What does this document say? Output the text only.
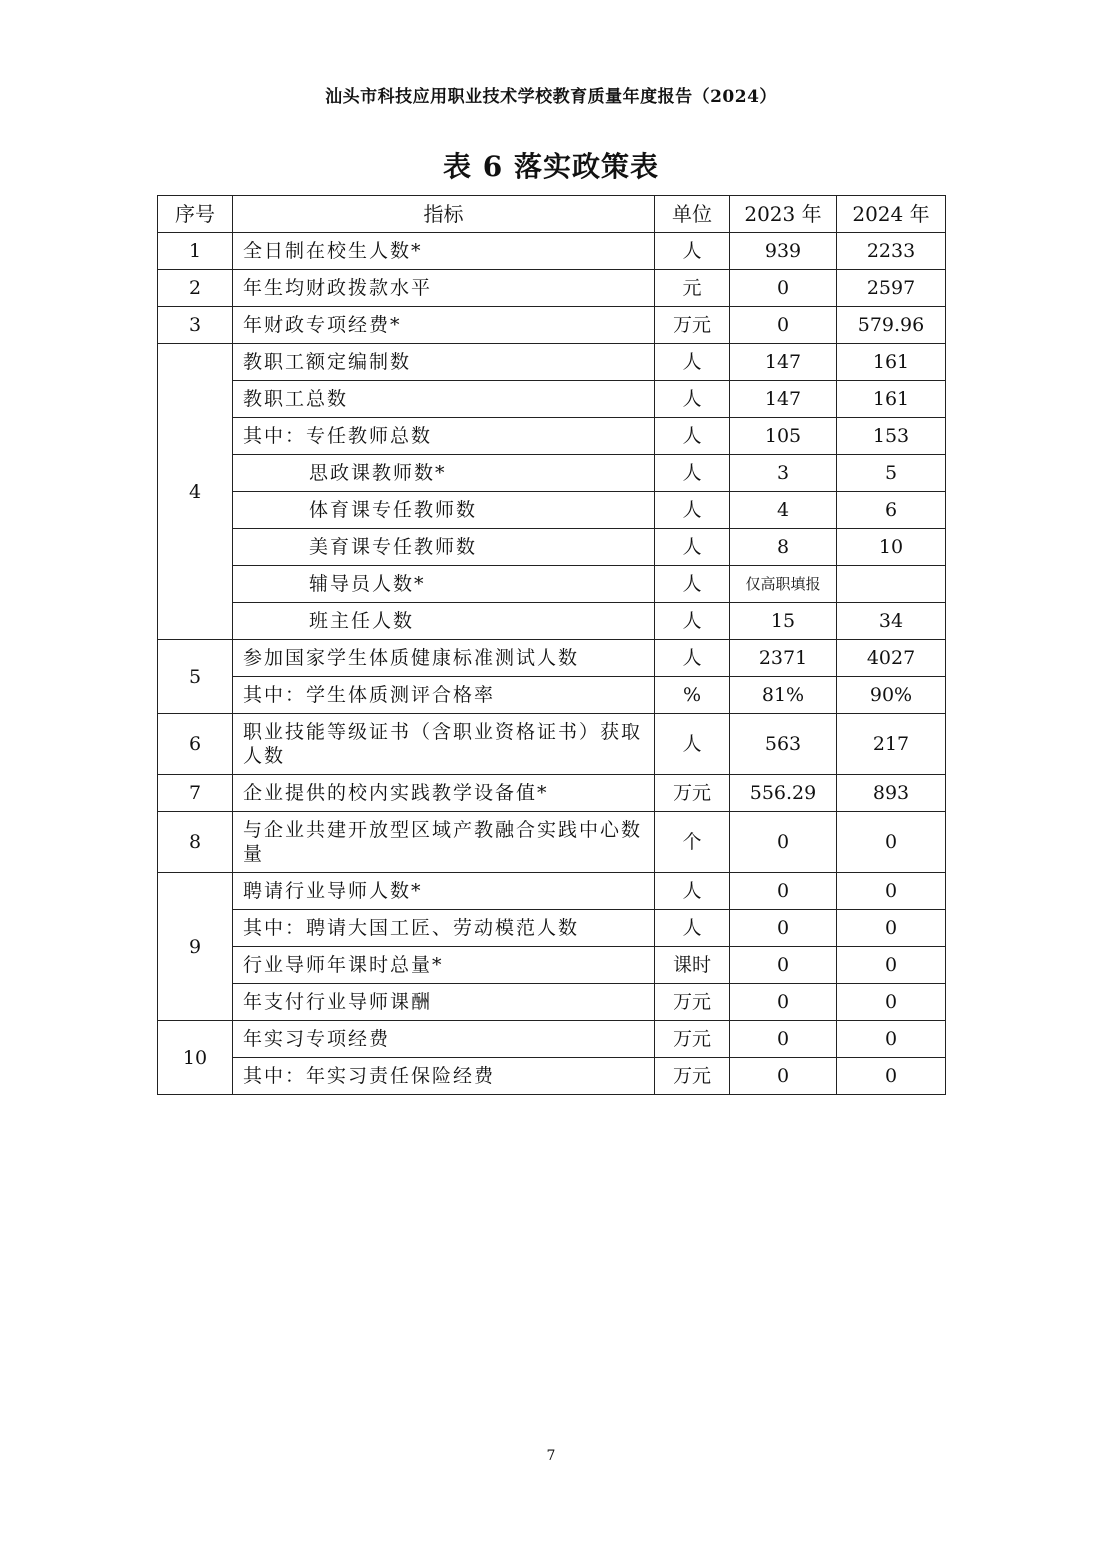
汕头市科技应用职业技术学校教育质量年度报告（2024）
表 6 落实政策表
序号	指标	单位	2023 年	2024 年
1	全日制在校生人数*	人	939	2233
2	年生均财政拨款水平	元	0	2597
3	年财政专项经费*	万元	0	579.96
4	教职工额定编制数	人	147	161
	教职工总数	人	147	161
	其中：专任教师总数	人	105	153
	思政课教师数*	人	3	5
	体育课专任教师数	人	4	6
	美育课专任教师数	人	8	10
	辅导员人数*	人	仅高职填报	
	班主任人数	人	15	34
5	参加国家学生体质健康标准测试人数	人	2371	4027
	其中：学生体质测评合格率	%	81%	90%
6	职业技能等级证书（含职业资格证书）获取人数	人	563	217
7	企业提供的校内实践教学设备值*	万元	556.29	893
8	与企业共建开放型区域产教融合实践中心数量	个	0	0
9	聘请行业导师人数*	人	0	0
	其中：聘请大国工匠、劳动模范人数	人	0	0
	行业导师年课时总量*	课时	0	0
	年支付行业导师课酬	万元	0	0
10	年实习专项经费	万元	0	0
	其中：年实习责任保险经费	万元	0	0
7
